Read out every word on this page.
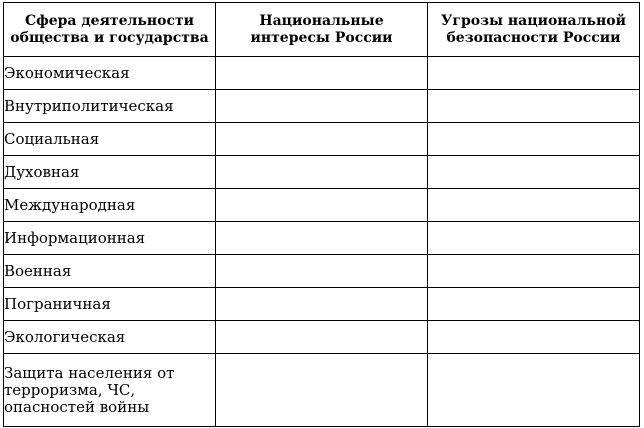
Сфера деятельности общества и государства	Национальные интересы России	Угрозы национальной безопасности России

Экономическая		
Внутриполитическая		
Социальная		
Духовная		
Международная		
Информационная		
Военная		
Пограничная		
Экологическая		
Защита населения от терроризма, ЧС, опасностей войны		
